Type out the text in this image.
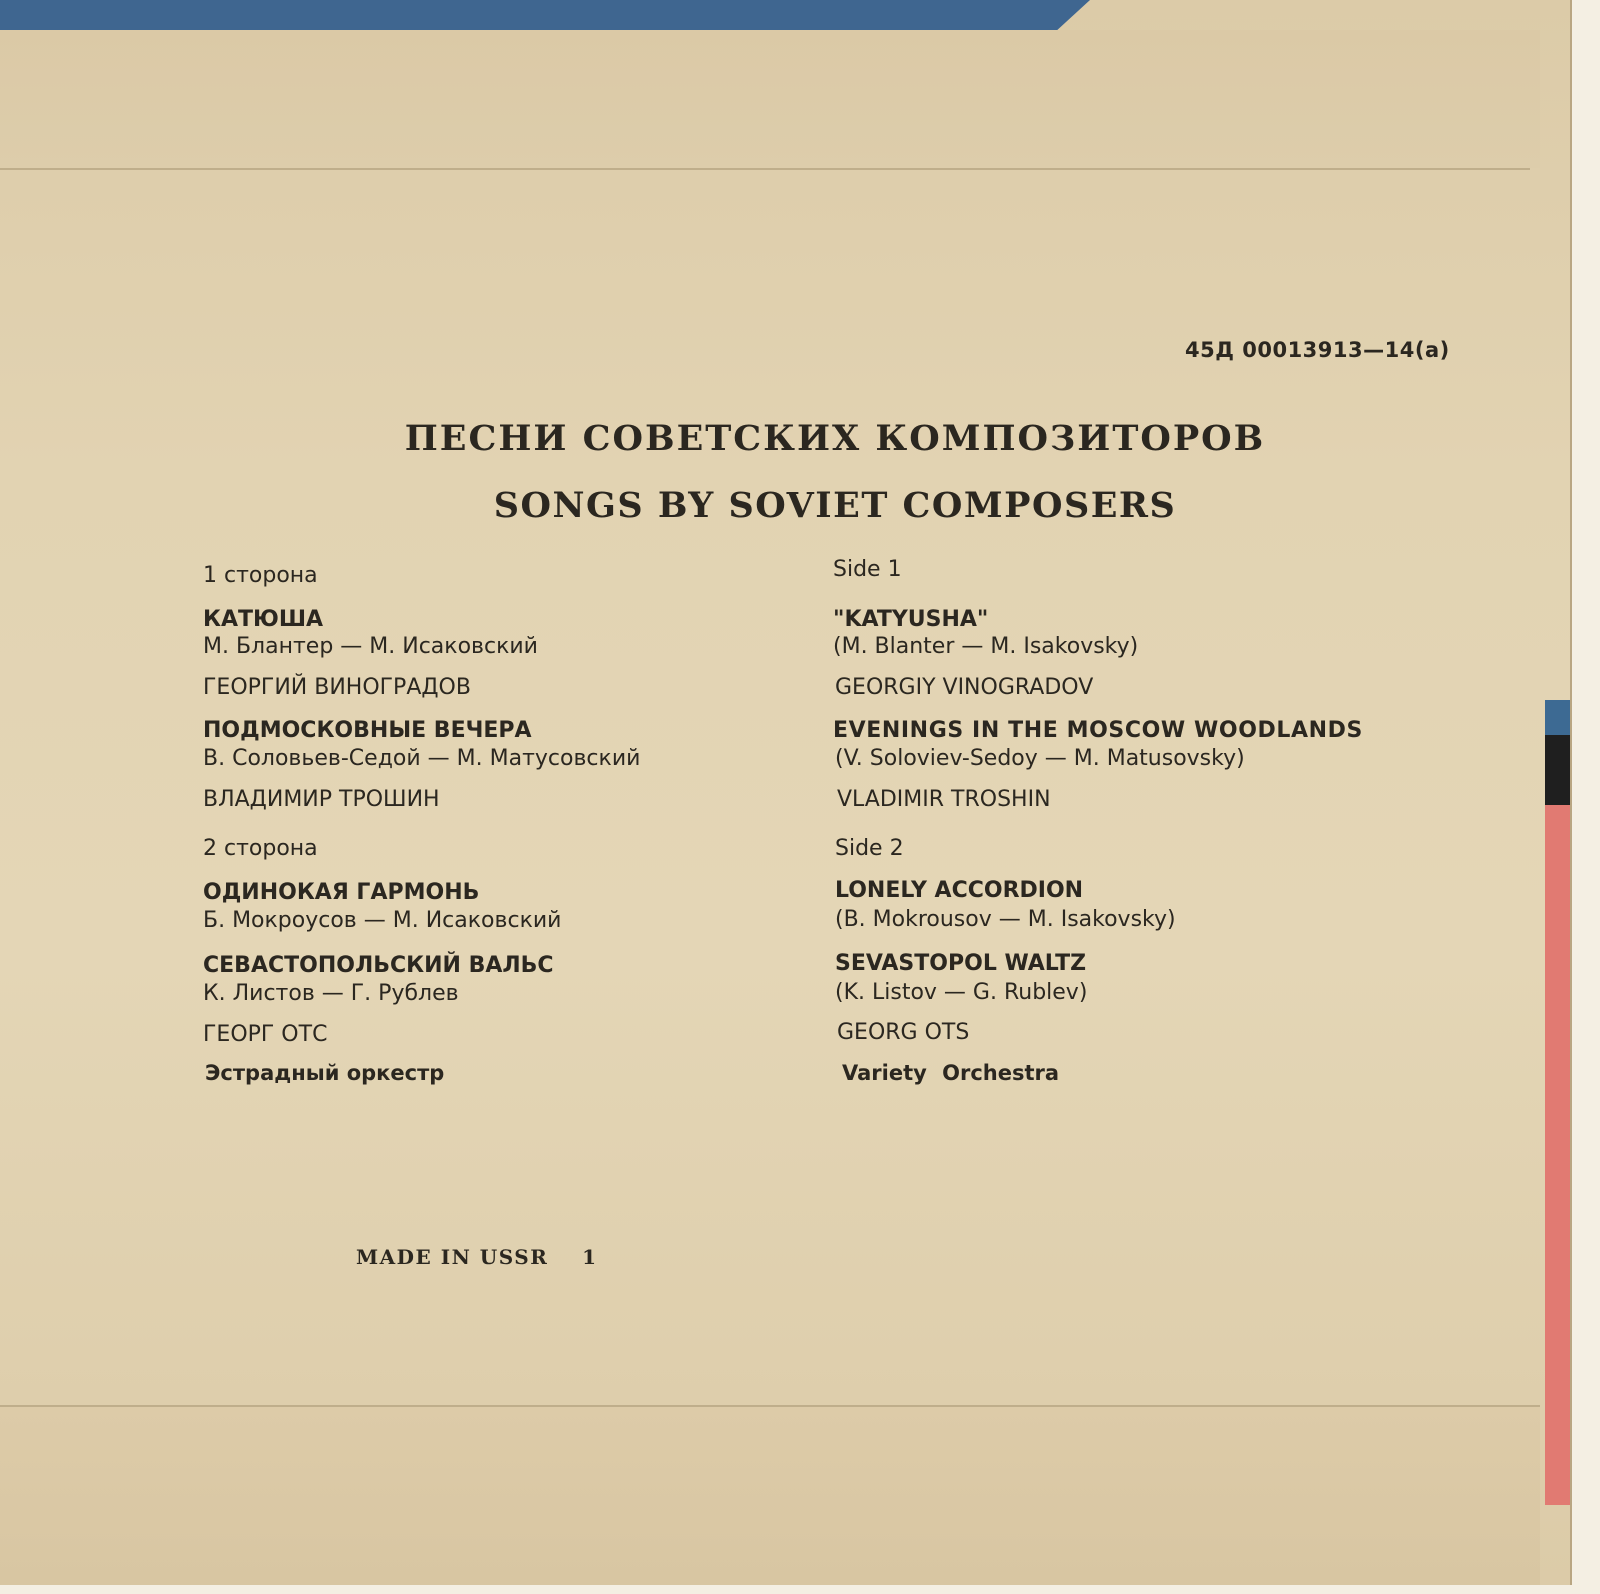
45Д 00013913—14(а)
ПЕСНИ СОВЕТСКИХ КОМПОЗИТОРОВ
SONGS BY SOVIET COMPOSERS
1 сторона
КАТЮША
М. Блантер — М. Исаковский
ГЕОРГИЙ ВИНОГРАДОВ
ПОДМОСКОВНЫЕ ВЕЧЕРА
В. Соловьев-Седой — М. Матусовский
ВЛАДИМИР ТРОШИН
2 сторона
ОДИНОКАЯ ГАРМОНЬ
Б. Мокроусов — М. Исаковский
СЕВАСТОПОЛЬСКИЙ ВАЛЬС
К. Листов — Г. Рублев
ГЕОРГ ОТС
Эстрадный оркестр
Side 1
"KATYUSHA"
(M. Blanter — M. Isakovsky)
GEORGIY VINOGRADOV
EVENINGS IN THE MOSCOW WOODLANDS
(V. Soloviev-Sedoy — M. Matusovsky)
VLADIMIR TROSHIN
Side 2
LONELY ACCORDION
(B. Mokrousov — M. Isakovsky)
SEVASTOPOL WALTZ
(K. Listov — G. Rublev)
GEORG OTS
Variety Orchestra
MADE IN USSR    1
